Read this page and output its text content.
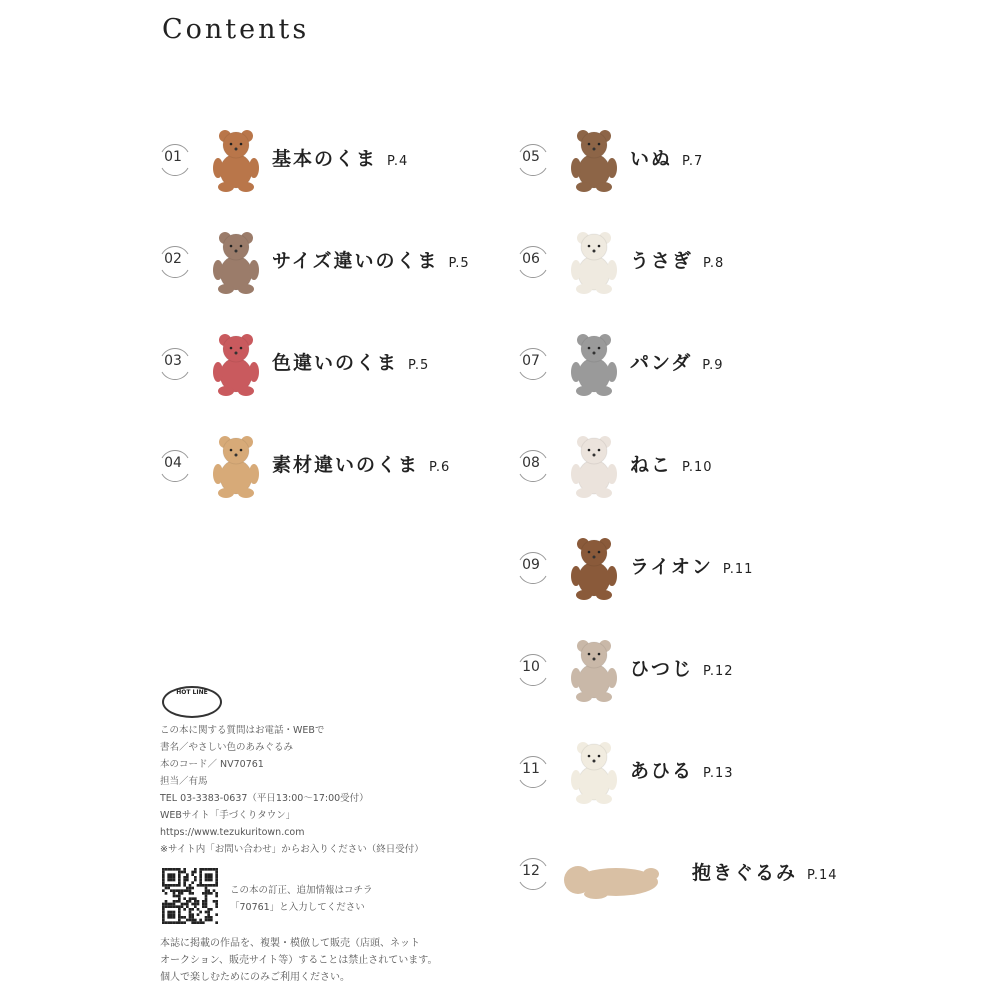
Contents
01	基本のくま P.4
02	サイズ違いのくま P.5
03	色違いのくま P.5
04	素材違いのくま P.6
05	いぬ P.7
06	うさぎ P.8
07	パンダ P.9
08	ねこ P.10
09	ライオン P.11
10	ひつじ P.12
11	あひる P.13
12	抱きぐるみ P.14
HOT LINE
この本に関する質問はお電話・WEBで
書名／やさしい色のあみぐるみ
本のコード／ NV70761
担当／有馬
TEL 03-3383-0637（平日13:00～17:00受付）
WEBサイト「手づくりタウン」
https://www.tezukuritown.com
※サイト内「お問い合わせ」からお入りください（終日受付）
この本の訂正、追加情報はコチラ
「70761」と入力してください
本誌に掲載の作品を、複製・模倣して販売（店頭、ネット
オークション、販売サイト等）することは禁止されています。
個人で楽しむためにのみご利用ください。
